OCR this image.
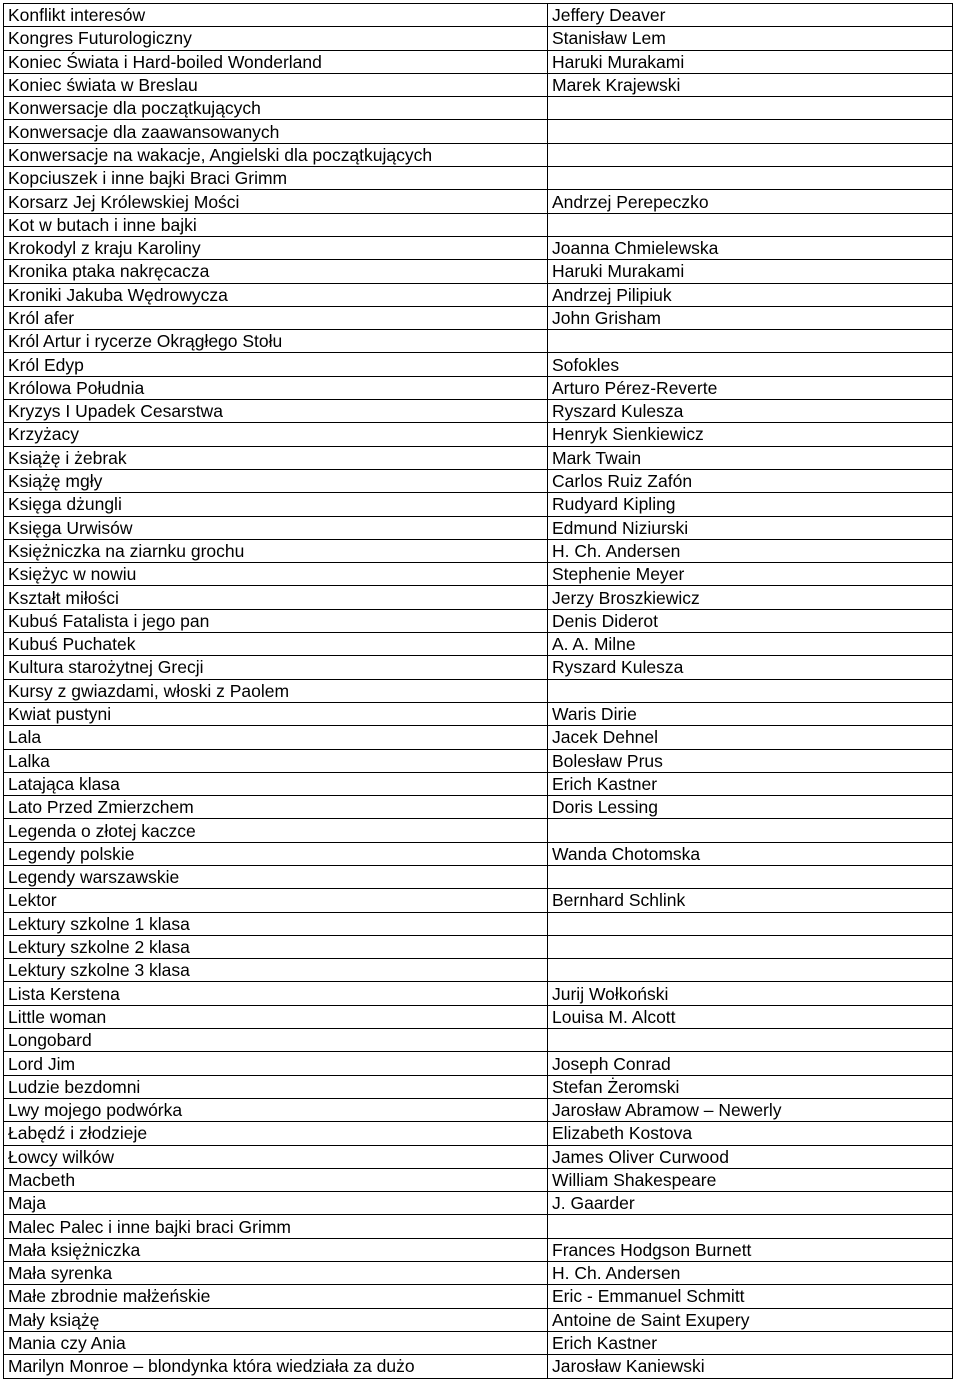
Konflikt interesów	Jeffery Deaver
Kongres Futurologiczny	Stanisław Lem
Koniec Świata i Hard-boiled Wonderland	Haruki Murakami
Koniec świata w Breslau	Marek Krajewski
Konwersacje dla początkujących	
Konwersacje dla zaawansowanych	
Konwersacje na wakacje, Angielski dla początkujących	
Kopciuszek i inne bajki Braci Grimm	
Korsarz Jej Królewskiej Mości	Andrzej Perepeczko
Kot w butach i inne bajki	
Krokodyl z kraju Karoliny	Joanna Chmielewska
Kronika ptaka nakręcacza	Haruki Murakami
Kroniki Jakuba Wędrowycza	Andrzej Pilipiuk
Król afer	John Grisham
Król Artur i rycerze Okrągłego Stołu	
Król Edyp	Sofokles
Królowa Południa	Arturo Pérez-Reverte
Kryzys I Upadek Cesarstwa	Ryszard Kulesza
Krzyżacy	Henryk Sienkiewicz
Książę i żebrak	Mark Twain
Książę mgły	Carlos Ruiz Zafón
Księga dżungli	Rudyard Kipling
Księga Urwisów	Edmund Niziurski
Księżniczka na ziarnku grochu	H. Ch. Andersen
Księżyc w nowiu	Stephenie Meyer
Kształt miłości	Jerzy Broszkiewicz
Kubuś Fatalista i jego pan	Denis Diderot
Kubuś Puchatek	A. A. Milne
Kultura starożytnej Grecji	Ryszard Kulesza
Kursy z gwiazdami, włoski z Paolem	
Kwiat pustyni	Waris Dirie
Lala	Jacek Dehnel
Lalka	Bolesław Prus
Latająca klasa	Erich Kastner
Lato Przed Zmierzchem	Doris Lessing
Legenda o złotej kaczce	
Legendy polskie	Wanda Chotomska
Legendy warszawskie	
Lektor	Bernhard Schlink
Lektury szkolne 1 klasa	
Lektury szkolne 2 klasa	
Lektury szkolne 3 klasa	
Lista Kerstena	Jurij Wołkoński
Little woman	Louisa M. Alcott
Longobard	
Lord Jim	Joseph Conrad
Ludzie bezdomni	Stefan Żeromski
Lwy mojego podwórka	Jarosław Abramow – Newerly
Łabędź i złodzieje	Elizabeth Kostova
Łowcy wilków	James Oliver Curwood
Macbeth	William Shakespeare
Maja	J. Gaarder
Malec Palec i inne bajki braci Grimm	
Mała księżniczka	Frances Hodgson Burnett
Mała syrenka	H. Ch. Andersen
Małe zbrodnie małżeńskie	Eric - Emmanuel Schmitt
Mały książę	Antoine de Saint Exupery
Mania czy Ania	Erich Kastner
Marilyn Monroe – blondynka która wiedziała za dużo	Jarosław Kaniewski
